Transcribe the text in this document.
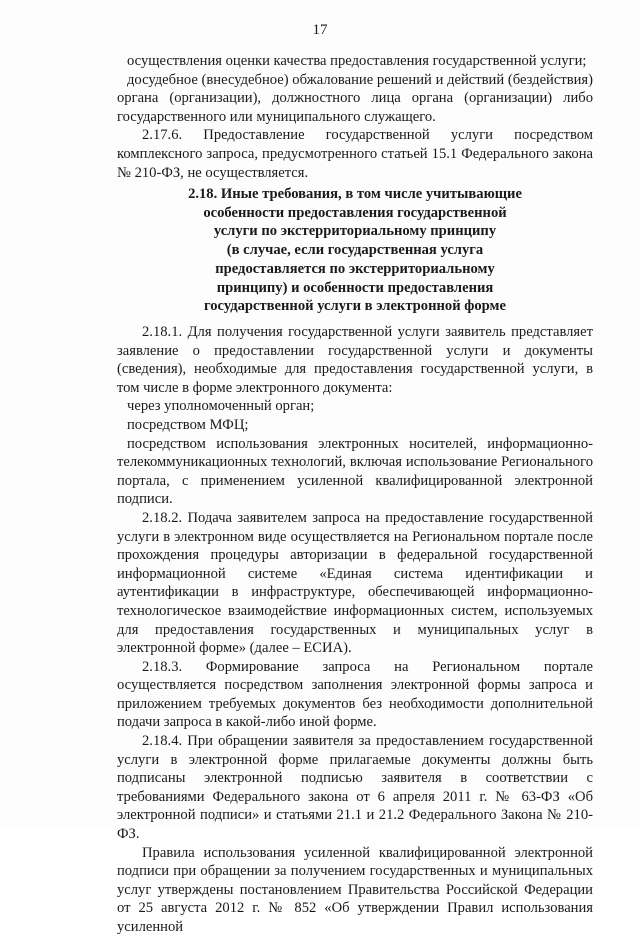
17

осуществления оценки качества предоставления государственной услуги;

досудебное (внесудебное) обжалование решений и действий (бездействия) органа (организации), должностного лица органа (организации) либо государственного или муниципального служащего.

2.17.6. Предоставление государственной услуги посредством комплексного запроса, предусмотренного статьей 15.1 Федерального закона № 210-ФЗ, не осуществляется.

2.18. Иные требования, в том числе учитывающие
особенности предоставления государственной
услуги по экстерриториальному принципу
(в случае, если государственная услуга
предоставляется по экстерриториальному
принципу) и особенности предоставления
государственной услуги в электронной форме

2.18.1. Для получения государственной услуги заявитель представляет заявление о предоставлении государственной услуги и документы (сведения), необходимые для предоставления государственной услуги, в том числе в форме электронного документа:

через уполномоченный орган;

посредством МФЦ;

посредством использования электронных носителей, информационно-телекоммуникационных технологий, включая использование Регионального портала, с применением усиленной квалифицированной электронной подписи.

2.18.2. Подача заявителем запроса на предоставление государственной услуги в электронном виде осуществляется на Региональном портале после прохождения процедуры авторизации в федеральной государственной информационной системе «Единая система идентификации и аутентификации в инфраструктуре, обеспечивающей информационно-технологическое взаимодействие информационных систем, используемых для предоставления государственных и муниципальных услуг в электронной форме» (далее – ЕСИА).

2.18.3. Формирование запроса на Региональном портале осуществляется посредством заполнения электронной формы запроса и приложением требуемых документов без необходимости дополнительной подачи запроса в какой-либо иной форме.

2.18.4. При обращении заявителя за предоставлением государственной услуги в электронной форме прилагаемые документы должны быть подписаны электронной подписью заявителя в соответствии с требованиями Федерального закона от 6 апреля 2011 г. № 63-ФЗ «Об электронной подписи» и статьями 21.1 и 21.2 Федерального Закона № 210-ФЗ.

Правила использования усиленной квалифицированной электронной подписи при обращении за получением государственных и муниципальных услуг утверждены постановлением Правительства Российской Федерации от 25 августа 2012 г. № 852 «Об утверждении Правил использования усиленной
